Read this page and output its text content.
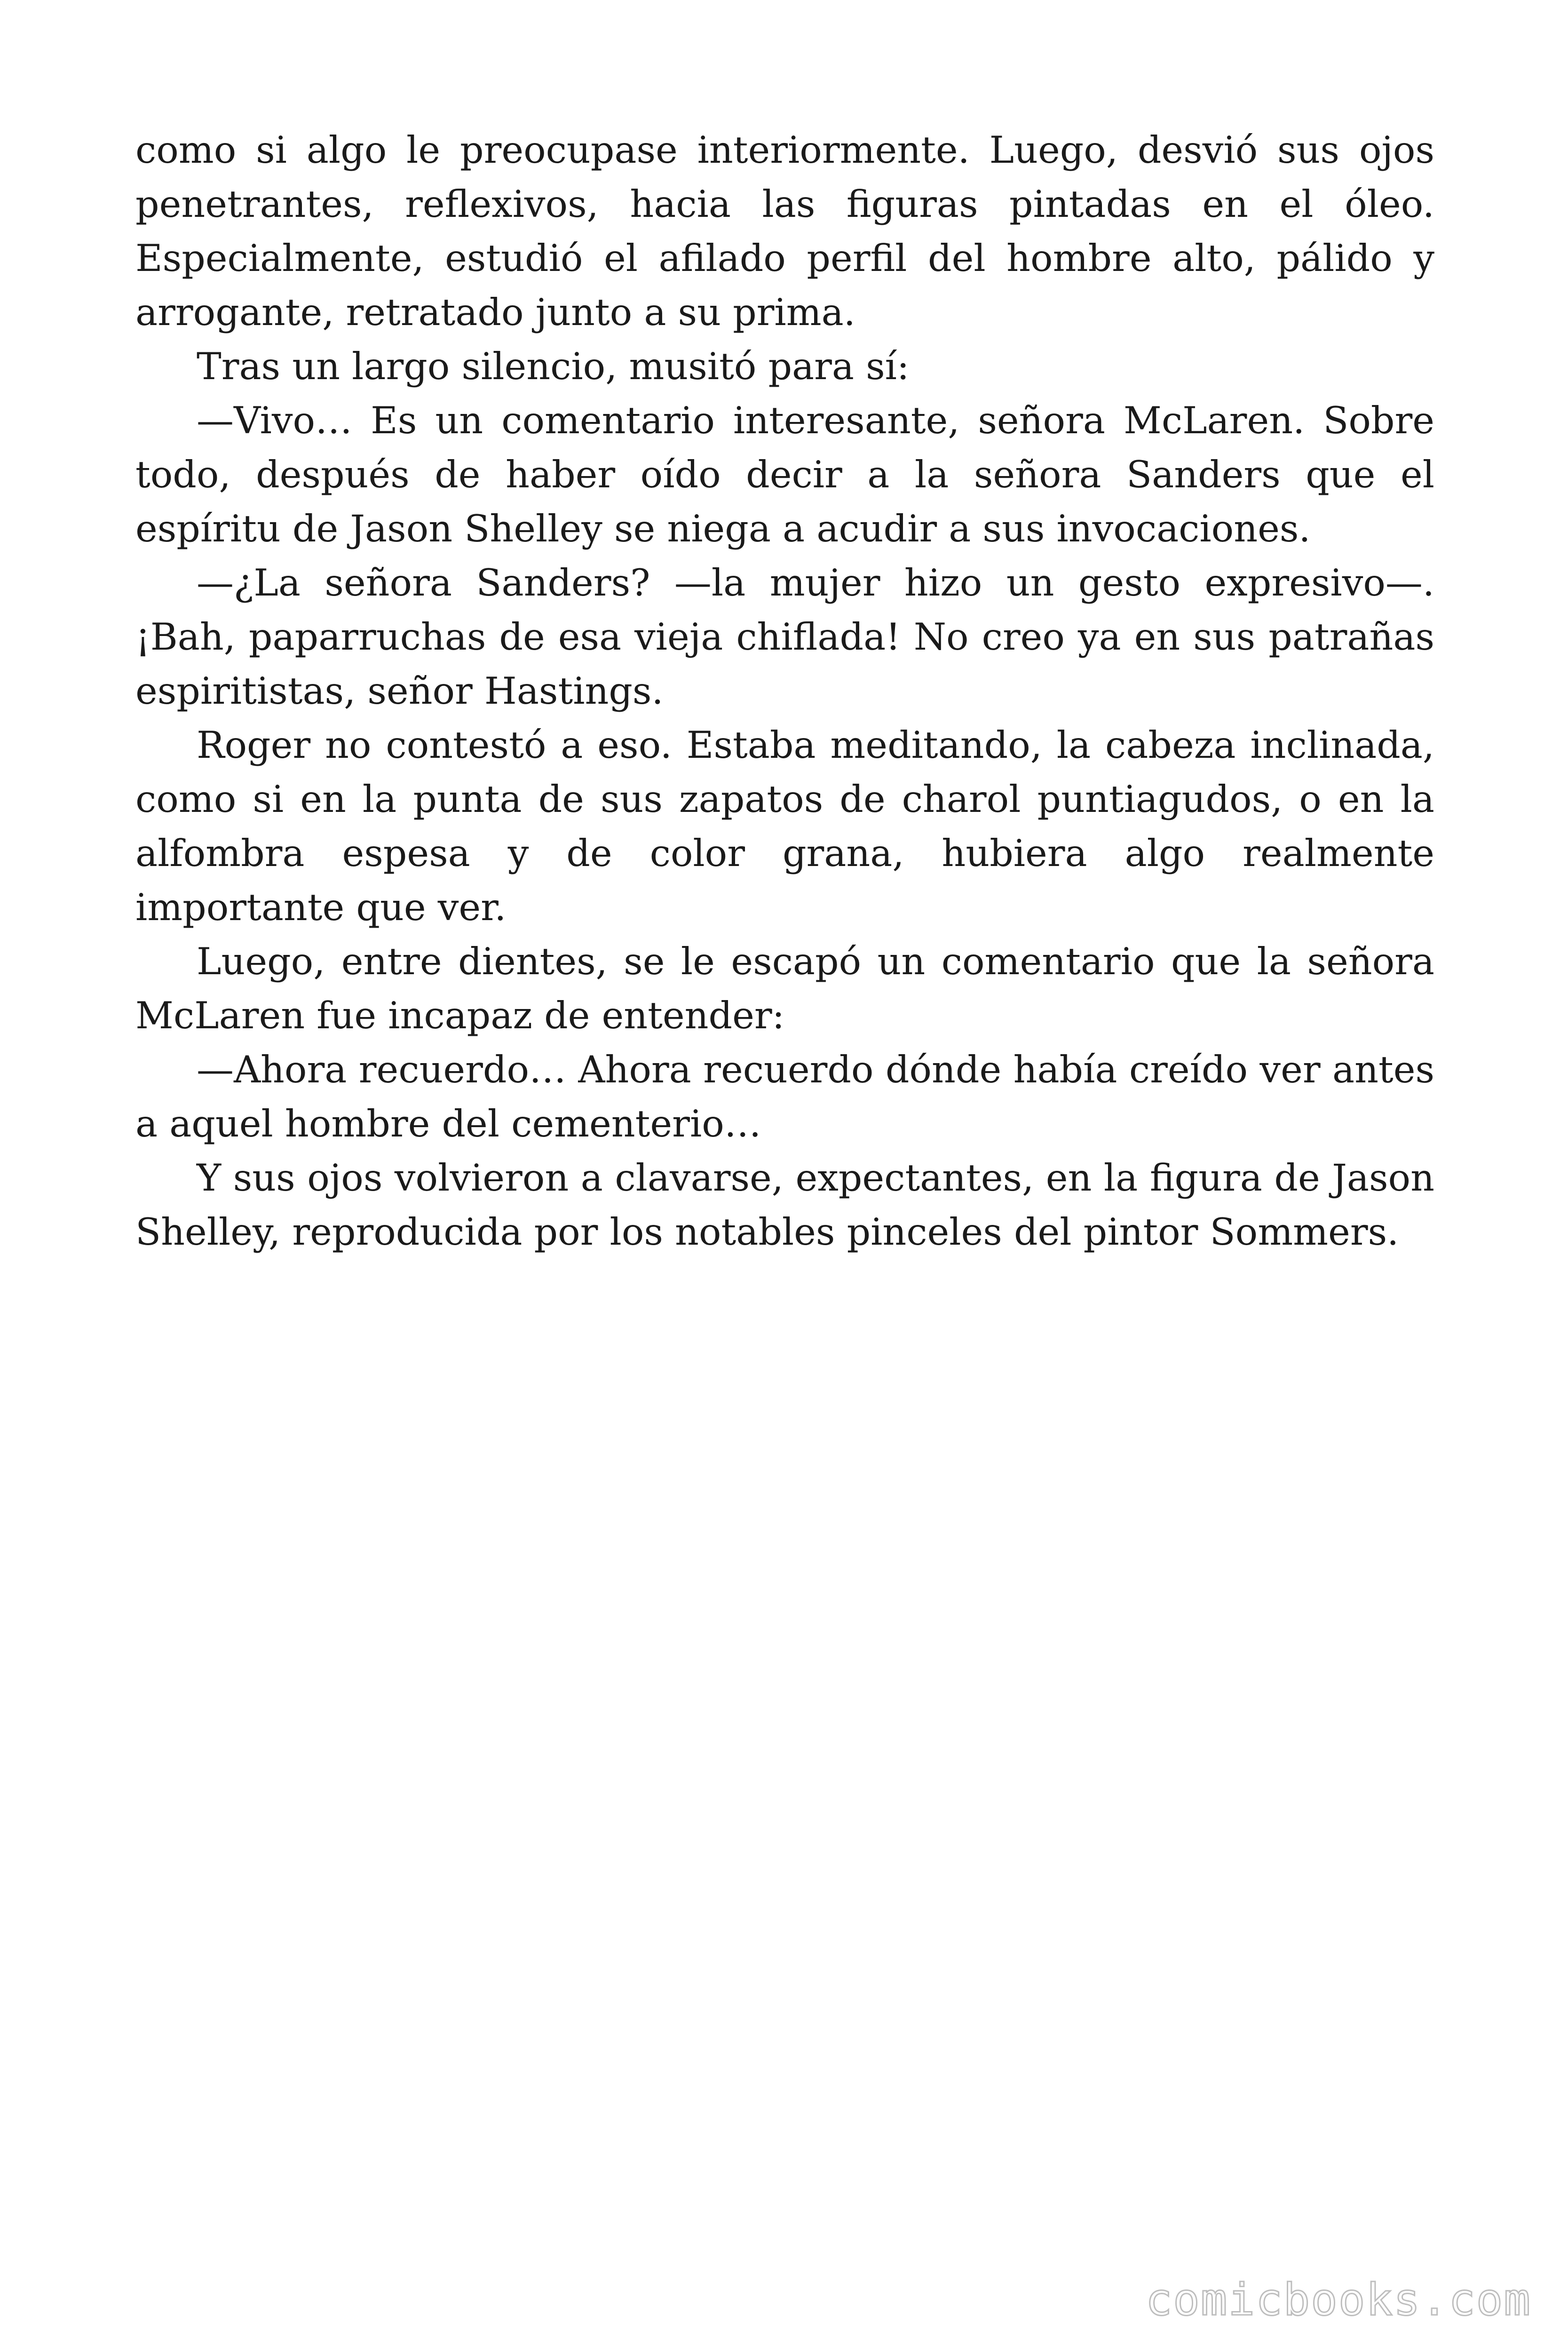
como si algo le preocupase interiormente. Luego, desvió sus ojos penetrantes, reflexivos, hacia las figuras pintadas en el óleo. Especialmente, estudió el afilado perfil del hombre alto, pálido y arrogante, retratado junto a su prima.

Tras un largo silencio, musitó para sí:

—Vivo… Es un comentario interesante, señora McLaren. Sobre todo, después de haber oído decir a la señora Sanders que el espíritu de Jason Shelley se niega a acudir a sus invocaciones.

—¿La señora Sanders? —la mujer hizo un gesto expresivo—. ¡Bah, paparruchas de esa vieja chiflada! No creo ya en sus patrañas espiritistas, señor Hastings.

Roger no contestó a eso. Estaba meditando, la cabeza inclinada, como si en la punta de sus zapatos de charol puntiagudos, o en la alfombra espesa y de color grana, hubiera algo realmente importante que ver.

Luego, entre dientes, se le escapó un comentario que la señora McLaren fue incapaz de entender:

—Ahora recuerdo… Ahora recuerdo dónde había creído ver antes a aquel hombre del cementerio…

Y sus ojos volvieron a clavarse, expectantes, en la figura de Jason Shelley, reproducida por los notables pinceles del pintor Sommers.

comicbooks.com
